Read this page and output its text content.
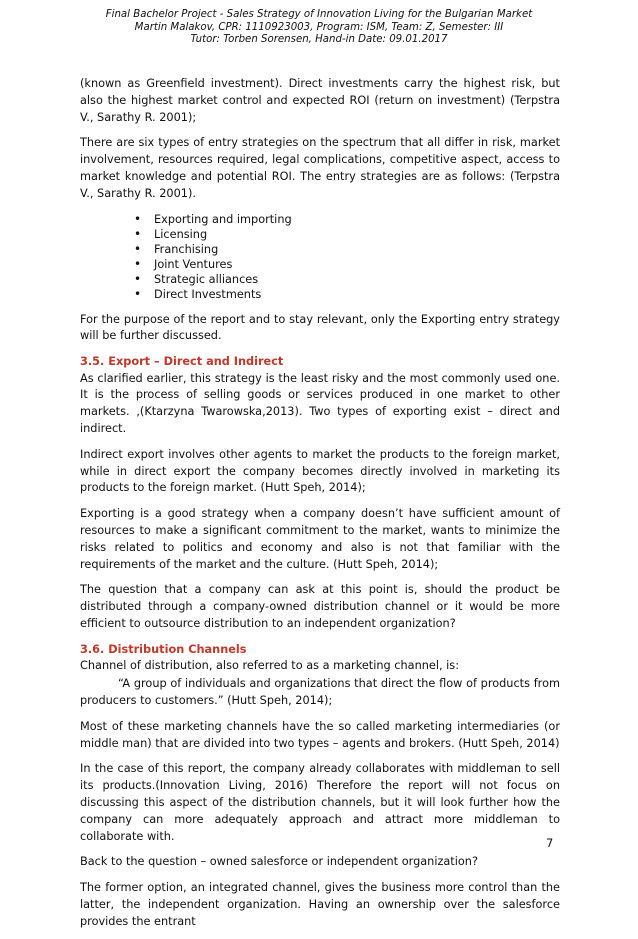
Final Bachelor Project - Sales Strategy of Innovation Living for the Bulgarian Market
Martin Malakov, CPR: 1110923003, Program: ISM, Team: Z, Semester: III
Tutor: Torben Sorensen, Hand-in Date: 09.01.2017

(known as Greenfield investment). Direct investments carry the highest risk, but also the highest market control and expected ROI (return on investment) (Terpstra V., Sarathy R. 2001);

There are six types of entry strategies on the spectrum that all differ in risk, market involvement, resources required, legal complications, competitive aspect, access to market knowledge and potential ROI. The entry strategies are as follows: (Terpstra V., Sarathy R. 2001).

• Exporting and importing
• Licensing
• Franchising
• Joint Ventures
• Strategic alliances
• Direct Investments

For the purpose of the report and to stay relevant, only the Exporting entry strategy will be further discussed.

3.5. Export – Direct and Indirect

As clarified earlier, this strategy is the least risky and the most commonly used one. It is the process of selling goods or services produced in one market to other markets. ,(Ktarzyna Twarowska,2013). Two types of exporting exist – direct and indirect.

Indirect export involves other agents to market the products to the foreign market, while in direct export the company becomes directly involved in marketing its products to the foreign market. (Hutt Speh, 2014);

Exporting is a good strategy when a company doesn’t have sufficient amount of resources to make a significant commitment to the market, wants to minimize the risks related to politics and economy and also is not that familiar with the requirements of the market and the culture. (Hutt Speh, 2014);

The question that a company can ask at this point is, should the product be distributed through a company-owned distribution channel or it would be more efficient to outsource distribution to an independent organization?

3.6. Distribution Channels

Channel of distribution, also referred to as a marketing channel, is:

“A group of individuals and organizations that direct the flow of products from producers to customers.” (Hutt Speh, 2014);

Most of these marketing channels have the so called marketing intermediaries (or middle man) that are divided into two types – agents and brokers. (Hutt Speh, 2014)

In the case of this report, the company already collaborates with middleman to sell its products.(Innovation Living, 2016) Therefore the report will not focus on discussing this aspect of the distribution channels, but it will look further how the company can more adequately approach and attract more middleman to collaborate with.

Back to the question – owned salesforce or independent organization?

The former option, an integrated channel, gives the business more control than the latter, the independent organization. Having an ownership over the salesforce provides the entrant

7
